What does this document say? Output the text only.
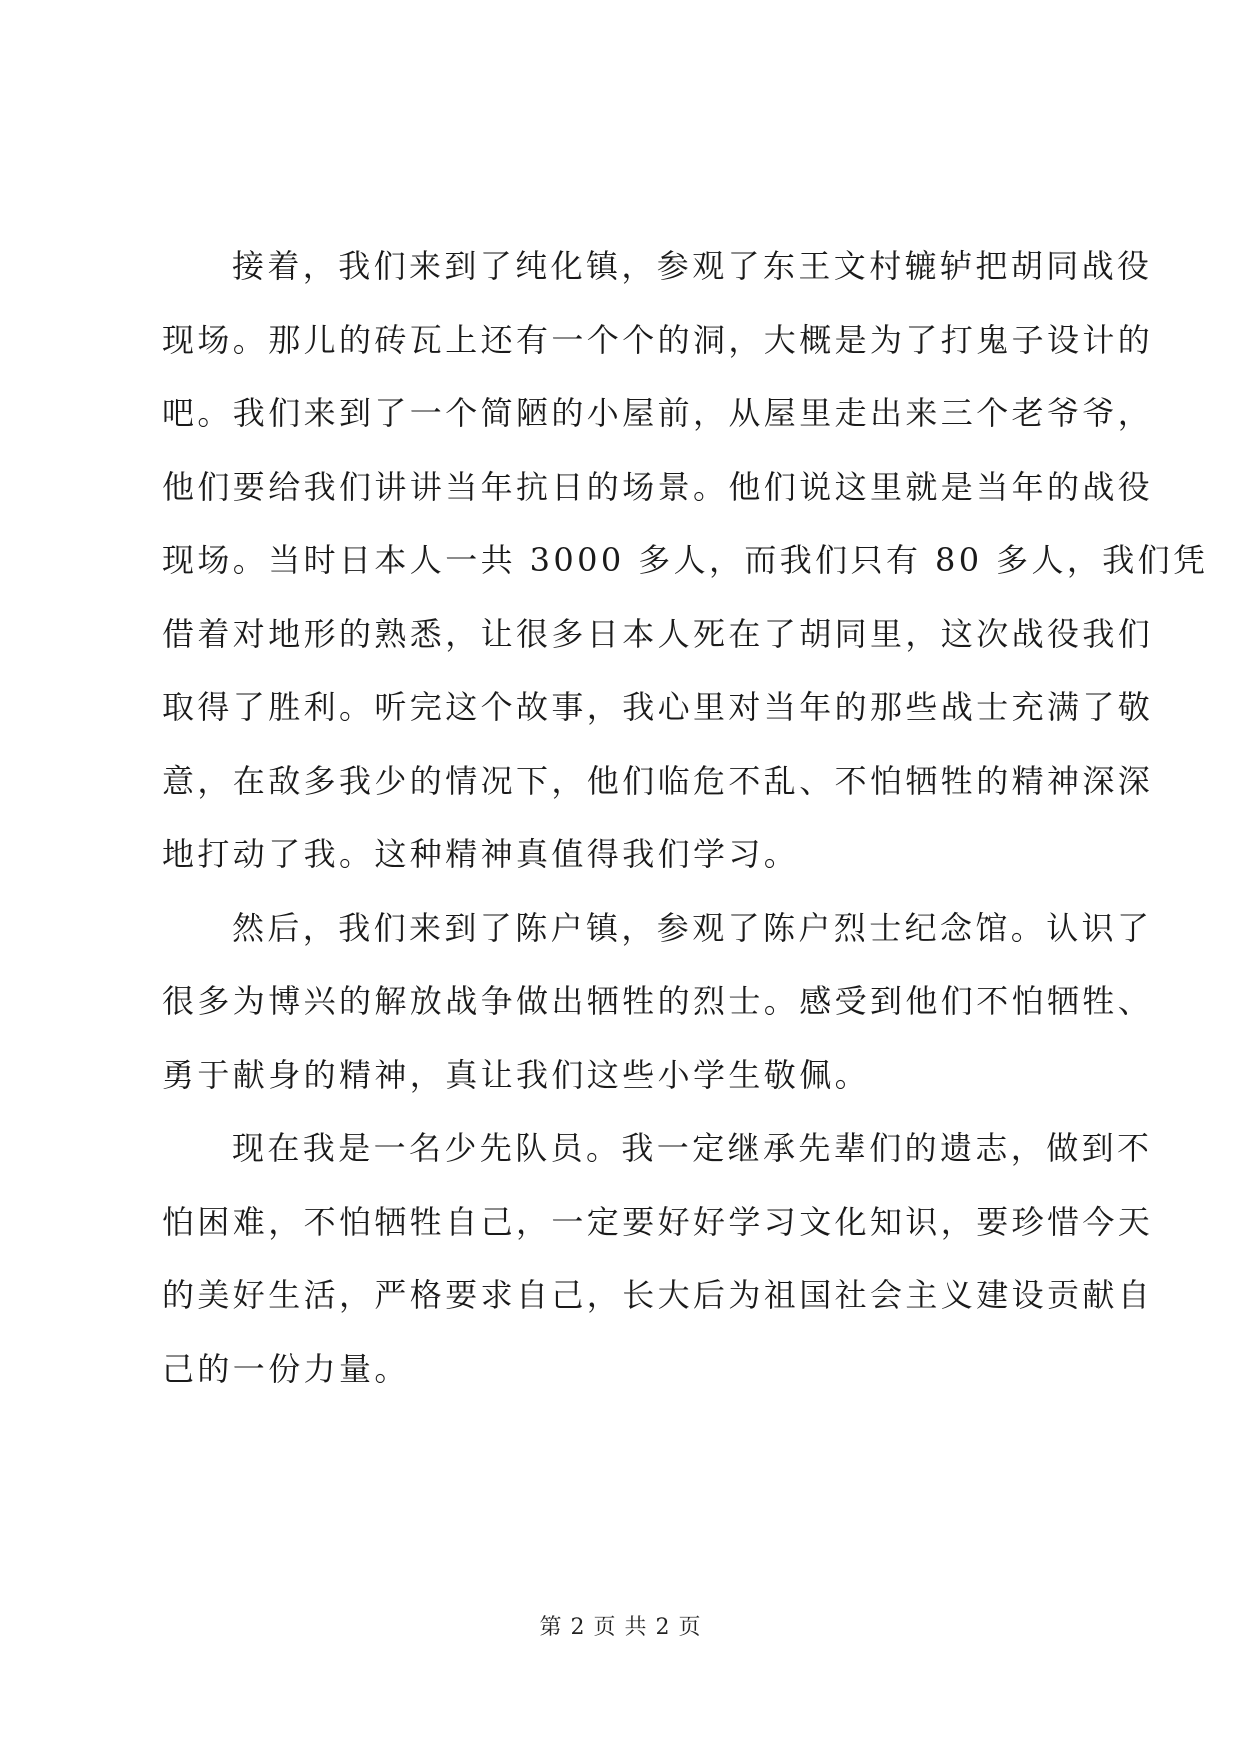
接着，我们来到了纯化镇，参观了东王文村辘轳把胡同战役
现场。那儿的砖瓦上还有一个个的洞，大概是为了打鬼子设计的
吧。我们来到了一个简陋的小屋前，从屋里走出来三个老爷爷，
他们要给我们讲讲当年抗日的场景。他们说这里就是当年的战役
现场。当时日本人一共 3000 多人，而我们只有 80 多人，我们凭
借着对地形的熟悉，让很多日本人死在了胡同里，这次战役我们
取得了胜利。听完这个故事，我心里对当年的那些战士充满了敬
意，在敌多我少的情况下，他们临危不乱、不怕牺牲的精神深深
地打动了我。这种精神真值得我们学习。
然后，我们来到了陈户镇，参观了陈户烈士纪念馆。认识了
很多为博兴的解放战争做出牺牲的烈士。感受到他们不怕牺牲、
勇于献身的精神，真让我们这些小学生敬佩。
现在我是一名少先队员。我一定继承先辈们的遗志，做到不
怕困难，不怕牺牲自己，一定要好好学习文化知识，要珍惜今天
的美好生活，严格要求自己，长大后为祖国社会主义建设贡献自
己的一份力量。
第 2 页 共 2 页
